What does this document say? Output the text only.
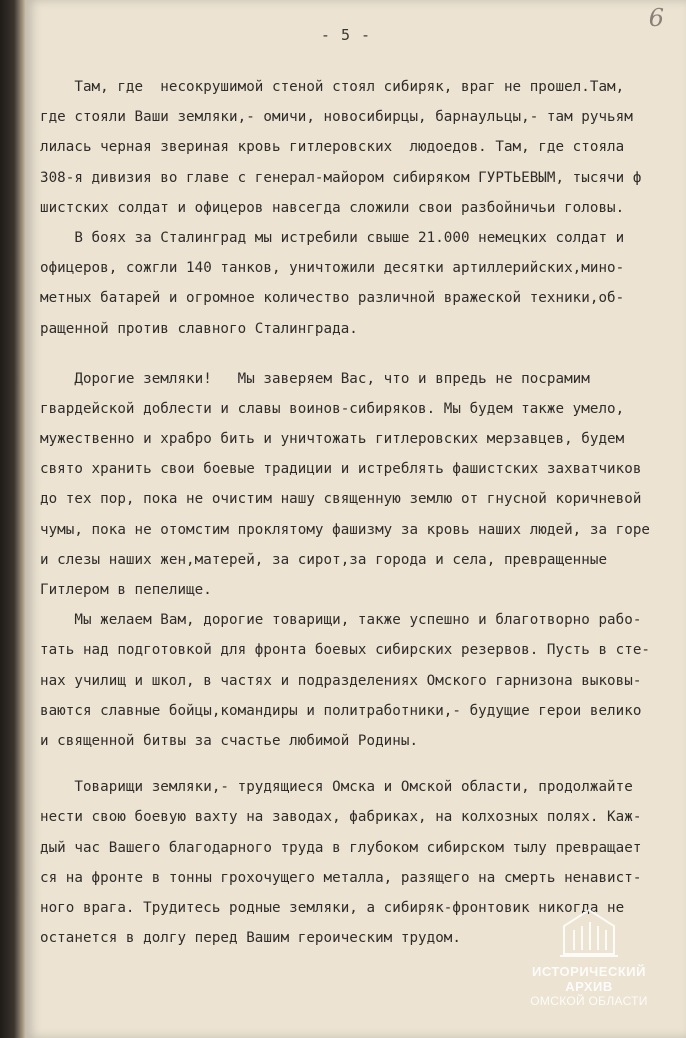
6
- 5 -
Там, где  несокрушимой стеной стоял сибиряк, враг не прошел.Там,
где стояли Ваши земляки,- омичи, новосибирцы, барнаульцы,- там ручьям
лилась черная звериная кровь гитлеровских  людоедов. Там, где стояла
308-я дивизия во главе с генерал-майором сибиряком ГУРТЬЕВЫМ, тысячи ф
шистских солдат и офицеров навсегда сложили свои разбойничьи головы.
В боях за Сталинград мы истребили свыше 21.000 немецких солдат и
офицеров, сожгли 140 танков, уничтожили десятки артиллерийских,мино-
метных батарей и огромное количество различной вражеской техники,об-
ращенной против славного Сталинграда.
Дорогие земляки!   Мы заверяем Вас, что и впредь не посрамим
гвардейской доблести и славы воинов-сибиряков. Мы будем также умело,
мужественно и храбро бить и уничтожать гитлеровских мерзавцев, будем
свято хранить свои боевые традиции и истреблять фашистских захватчиков
до тех пор, пока не очистим нашу священную землю от гнусной коричневой
чумы, пока не отомстим проклятому фашизму за кровь наших людей, за горе
и слезы наших жен,матерей, за сирот,за города и села, превращенные
Гитлером в пепелище.
Мы желаем Вам, дорогие товарищи, также успешно и благотворно рабо-
тать над подготовкой для фронта боевых сибирских резервов. Пусть в сте-
нах училищ и школ, в частях и подразделениях Омского гарнизона выковы-
ваются славные бойцы,командиры и политработники,- будущие герои велико
и священной битвы за счастье любимой Родины.
Товарищи земляки,- трудящиеся Омска и Омской области, продолжайте
нести свою боевую вахту на заводах, фабриках, на колхозных полях. Каж-
дый час Вашего благодарного труда в глубоком сибирском тылу превращает
ся на фронте в тонны грохочущего металла, разящего на смерть ненавист-
ного врага. Трудитесь родные земляки, а сибиряк-фронтовик никогда не
останется в долгу перед Вашим героическим трудом.
ИСТОРИЧЕСКИЙ
АРХИВ
ОМСКОЙ ОБЛАСТИ
